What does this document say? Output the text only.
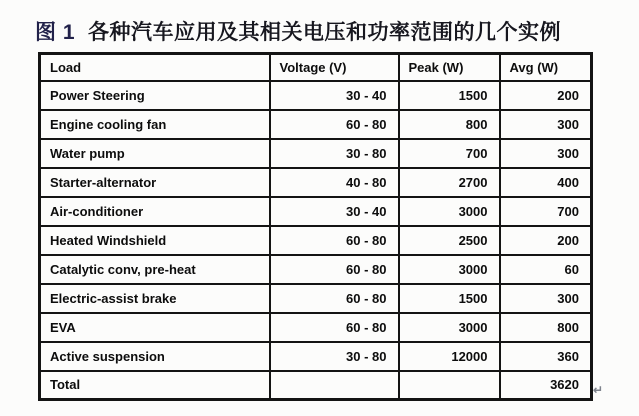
图 1 各种汽车应用及其相关电压和功率范围的几个实例
Load	Voltage (V)	Peak (W)	Avg (W)
Power Steering	30 - 40	1500	200
Engine cooling fan	60 - 80	800	300
Water pump	30 - 80	700	300
Starter-alternator	40 - 80	2700	400
Air-conditioner	30 - 40	3000	700
Heated Windshield	60 - 80	2500	200
Catalytic conv, pre-heat	60 - 80	3000	60
Electric-assist brake	60 - 80	1500	300
EVA	60 - 80	3000	800
Active suspension	30 - 80	12000	360
Total			3620 ↵
